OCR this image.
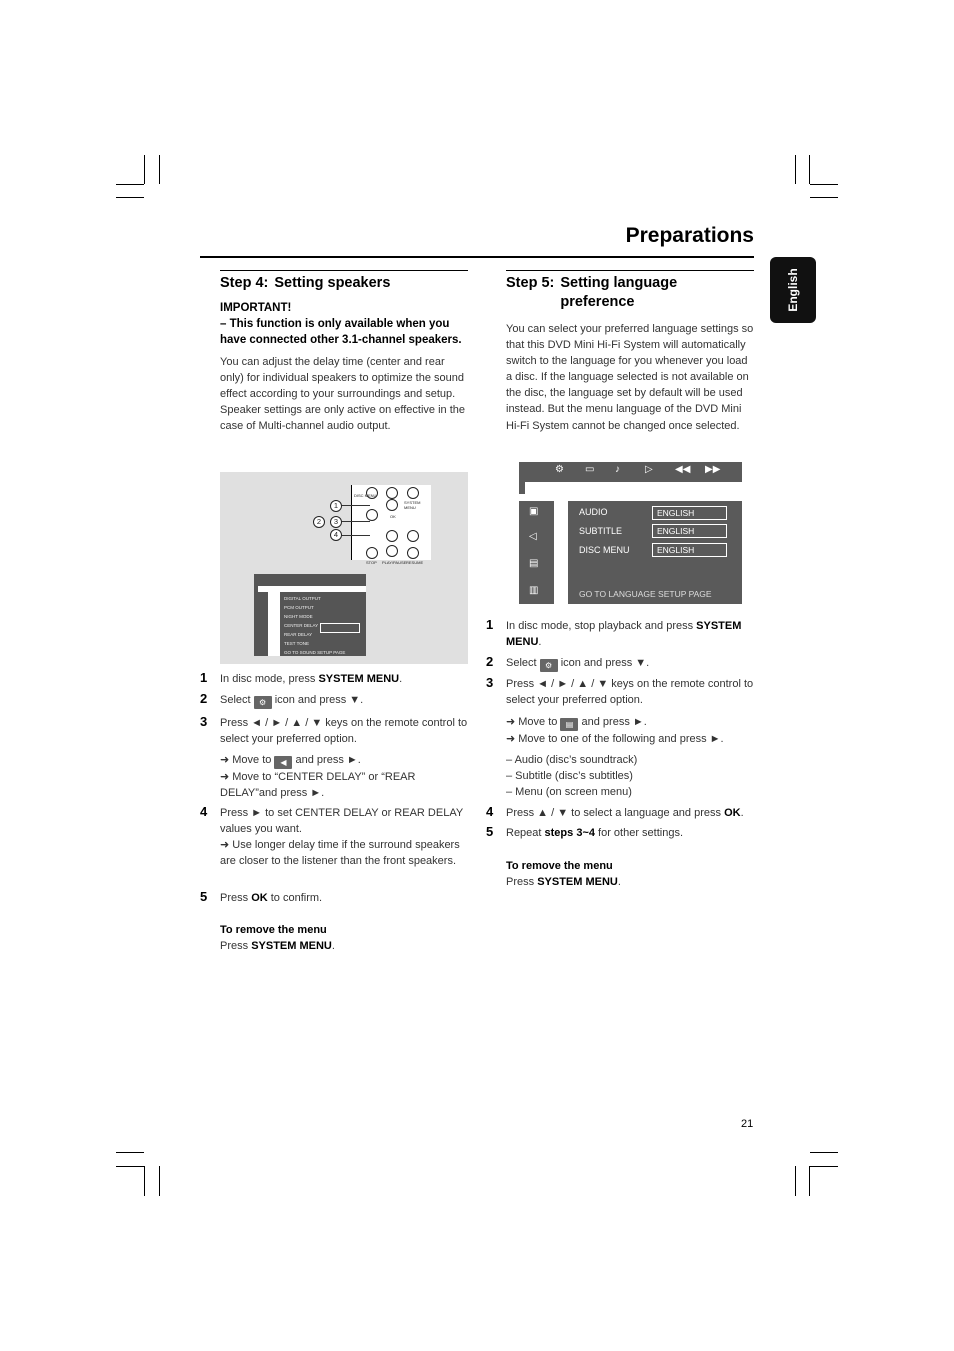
Preparations
English
Step 4: Setting speakers
IMPORTANT!
– This function is only available when you have connected other 3.1-channel speakers.
You can adjust the delay time (center and rear only) for individual speakers to optimize the sound effect according to your surroundings and setup. Speaker settings are only active on effective in the case of Multi-channel audio output.
DISC MENU
OK
SYSTEM MENU
STOP PLAY/PAUSE RESUME
1
2	3
4
DIGITAL OUTPUT
PCM OUTPUT
NIGHT MODE
CENTER DELAY
REAR DELAY
TEST TONE
GO TO SOUND SETUP PAGE
1 In disc mode, press SYSTEM MENU.
2 Select ⚙ icon and press ▼.
3 Press ◄ / ► / ▲ / ▼ keys on the remote control to select your preferred option.
➜ Move to ◀ and press ►.
➜ Move to “CENTER DELAY” or “REAR DELAY”and press ►.
4 Press ► to set CENTER DELAY or REAR DELAY values you want.
➜ Use longer delay time if the surround speakers are closer to the listener than the front speakers.
5 Press OK to confirm.
To remove the menu
Press SYSTEM MENU.
Step 5: Setting language preference
You can select your preferred language settings so that this DVD Mini Hi-Fi System will automatically switch to the language for you whenever you load a disc. If the language selected is not available on the disc, the language set by default will be used instead. But the menu language of the DVD Mini Hi-Fi System cannot be changed once selected.
⚙ ▭ ♪	▷ ◀◀ ▶▶
▣
◁
▤
▥
AUDIO	ENGLISH
SUBTITLE	ENGLISH
DISC MENU	ENGLISH
GO TO LANGUAGE SETUP PAGE
1 In disc mode, stop playback and press SYSTEM MENU.
2 Select ⚙ icon and press ▼.
3 Press ◄ / ► / ▲ / ▼ keys on the remote control to select your preferred option.
➜ Move to ▤ and press ►.
➜ Move to one of the following and press ►.
– Audio (disc’s soundtrack)
– Subtitle (disc’s subtitles)
– Menu (on screen menu)
4 Press ▲ / ▼ to select a language and press OK.
5 Repeat steps 3~4 for other settings.
To remove the menu
Press SYSTEM MENU.
21
